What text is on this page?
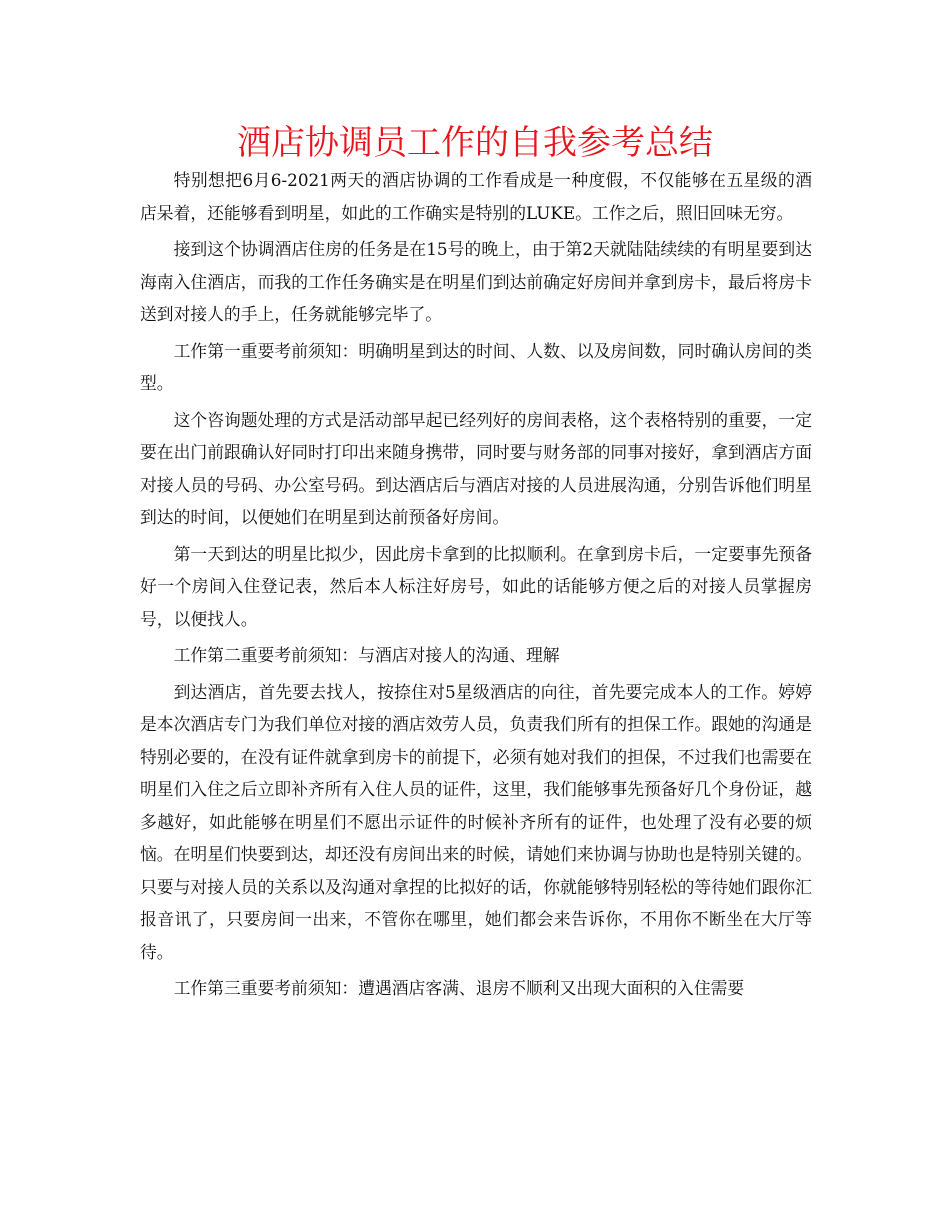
酒店协调员工作的自我参考总结

特别想把6月6-2021两天的酒店协调的工作看成是一种度假，不仅能够在五星级的酒店呆着，还能够看到明星，如此的工作确实是特别的LUKE。工作之后，照旧回味无穷。

接到这个协调酒店住房的任务是在15号的晚上，由于第2天就陆陆续续的有明星要到达海南入住酒店，而我的工作任务确实是在明星们到达前确定好房间并拿到房卡，最后将房卡送到对接人的手上，任务就能够完毕了。

工作第一重要考前须知：明确明星到达的时间、人数、以及房间数，同时确认房间的类型。

这个咨询题处理的方式是活动部早起已经列好的房间表格，这个表格特别的重要，一定要在出门前跟确认好同时打印出来随身携带，同时要与财务部的同事对接好，拿到酒店方面对接人员的号码、办公室号码。到达酒店后与酒店对接的人员进展沟通，分别告诉他们明星到达的时间，以便她们在明星到达前预备好房间。

第一天到达的明星比拟少，因此房卡拿到的比拟顺利。在拿到房卡后，一定要事先预备好一个房间入住登记表，然后本人标注好房号，如此的话能够方便之后的对接人员掌握房号，以便找人。

工作第二重要考前须知：与酒店对接人的沟通、理解

到达酒店，首先要去找人，按捺住对5星级酒店的向往，首先要完成本人的工作。婷婷是本次酒店专门为我们单位对接的酒店效劳人员，负责我们所有的担保工作。跟她的沟通是特别必要的，在没有证件就拿到房卡的前提下，必须有她对我们的担保，不过我们也需要在明星们入住之后立即补齐所有入住人员的证件，这里，我们能够事先预备好几个身份证，越多越好，如此能够在明星们不愿出示证件的时候补齐所有的证件，也处理了没有必要的烦恼。在明星们快要到达，却还没有房间出来的时候，请她们来协调与协助也是特别关键的。只要与对接人员的关系以及沟通对拿捏的比拟好的话，你就能够特别轻松的等待她们跟你汇报音讯了，只要房间一出来，不管你在哪里，她们都会来告诉你，不用你不断坐在大厅等待。

工作第三重要考前须知：遭遇酒店客满、退房不顺利又出现大面积的入住需要
